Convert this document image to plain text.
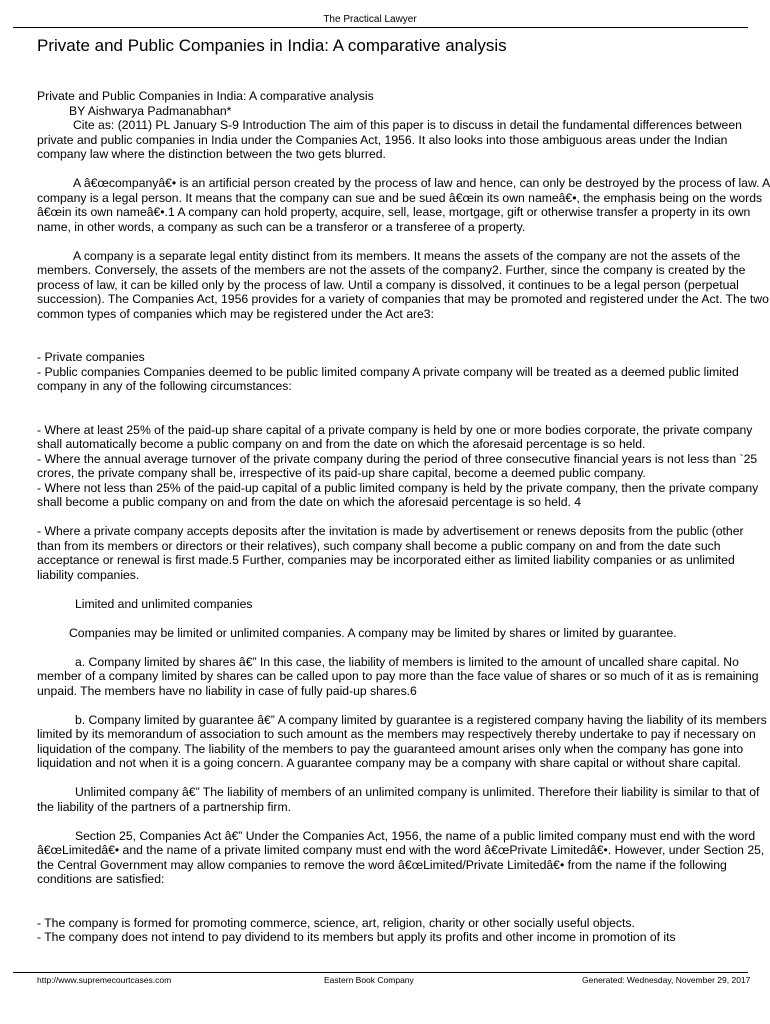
The Practical Lawyer
Private and Public Companies in India: A comparative analysis

Private and Public Companies in India: A comparative analysis

BY Aishwarya Padmanabhan*

Cite as: (2011) PL January S-9 Introduction The aim of this paper is to discuss in detail the fundamental differences between private and public companies in India under the Companies Act, 1956. It also looks into those ambiguous areas under the Indian company law where the distinction between the two gets blurred.

A â€œcompanyâ€• is an artificial person created by the process of law and hence, can only be destroyed by the process of law. A company is a legal person. It means that the company can sue and be sued â€œin its own nameâ€•, the emphasis being on the words â€œin its own nameâ€•.1 A company can hold property, acquire, sell, lease, mortgage, gift or otherwise transfer a property in its own name, in other words, a company as such can be a transferor or a transferee of a property.

A company is a separate legal entity distinct from its members. It means the assets of the company are not the assets of the members. Conversely, the assets of the members are not the assets of the company2. Further, since the company is created by the process of law, it can be killed only by the process of law. Until a company is dissolved, it continues to be a legal person (perpetual succession). The Companies Act, 1956 provides for a variety of companies that may be promoted and registered under the Act. The two common types of companies which may be registered under the Act are3:

- Private companies

- Public companies Companies deemed to be public limited company A private company will be treated as a deemed public limited company in any of the following circumstances:

- Where at least 25% of the paid-up share capital of a private company is held by one or more bodies corporate, the private company shall automatically become a public company on and from the date on which the aforesaid percentage is so held.

- Where the annual average turnover of the private company during the period of three consecutive financial years is not less than `25 crores, the private company shall be, irrespective of its paid-up share capital, become a deemed public company.

- Where not less than 25% of the paid-up capital of a public limited company is held by the private company, then the private company shall become a public company on and from the date on which the aforesaid percentage is so held. 4

- Where a private company accepts deposits after the invitation is made by advertisement or renews deposits from the public (other than from its members or directors or their relatives), such company shall become a public company on and from the date such acceptance or renewal is first made.5 Further, companies may be incorporated either as limited liability companies or as unlimited liability companies.

Limited and unlimited companies

Companies may be limited or unlimited companies. A company may be limited by shares or limited by guarantee.

a. Company limited by shares â€” In this case, the liability of members is limited to the amount of uncalled share capital. No member of a company limited by shares can be called upon to pay more than the face value of shares or so much of it as is remaining unpaid. The members have no liability in case of fully paid-up shares.6

b. Company limited by guarantee â€” A company limited by guarantee is a registered company having the liability of its members limited by its memorandum of association to such amount as the members may respectively thereby undertake to pay if necessary on liquidation of the company. The liability of the members to pay the guaranteed amount arises only when the company has gone into liquidation and not when it is a going concern. A guarantee company may be a company with share capital or without share capital.

Unlimited company â€” The liability of members of an unlimited company is unlimited. Therefore their liability is similar to that of the liability of the partners of a partnership firm.

Section 25, Companies Act â€” Under the Companies Act, 1956, the name of a public limited company must end with the word â€œLimitedâ€• and the name of a private limited company must end with the word â€œPrivate Limitedâ€•. However, under Section 25, the Central Government may allow companies to remove the word â€œLimited/Private Limitedâ€• from the name if the following conditions are satisfied:

- The company is formed for promoting commerce, science, art, religion, charity or other socially useful objects.

- The company does not intend to pay dividend to its members but apply its profits and other income in promotion of its

http://www.supremecourtcases.com	Eastern Book Company	Generated: Wednesday, November 29, 2017
